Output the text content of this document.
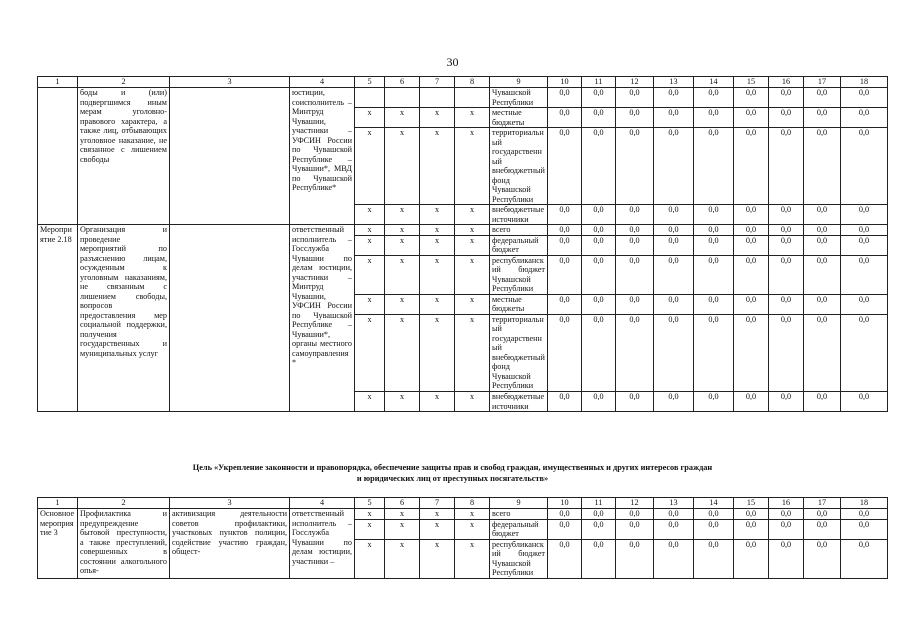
30
1	2	3	4	5	6	7	8	9	10	11	12	13	14	15	16	17	18
	боды и (или) подвергшимся иным мерам уголовно-правового характера, а также лиц, отбывающих уголовное наказание, не связанное с лишением свободы		юстиции, соисполнитель – Минтруд Чувашии, участники – УФСИН России по Чувашской Республике – Чувашии*, МВД по Чувашской Республике*					Чувашской Республики	0,0	0,0	0,0	0,0	0,0	0,0	0,0	0,0	0,0
				x	x	x	x	местные бюджеты	0,0	0,0	0,0	0,0	0,0	0,0	0,0	0,0	0,0
				x	x	x	x	территориальный государственный внебюджетный фонд Чувашской Республики	0,0	0,0	0,0	0,0	0,0	0,0	0,0	0,0	0,0
				x	x	x	x	внебюджетные источники	0,0	0,0	0,0	0,0	0,0	0,0	0,0	0,0	0,0
Мероприятие 2.18	Организация и проведение мероприятий по разъяснению лицам, осужденным к уголовным наказаниям, не связанным с лишением свободы, вопросов предоставления мер социальной поддержки, получения государственных и муниципальных услуг		ответственный исполнитель – Госслужба Чувашии по делам юстиции, участники – Минтруд Чувашии, УФСИН России по Чувашской Республике – Чувашии*, органы местного самоуправления*	x	x	x	x	всего	0,0	0,0	0,0	0,0	0,0	0,0	0,0	0,0	0,0
				x	x	x	x	федеральный бюджет	0,0	0,0	0,0	0,0	0,0	0,0	0,0	0,0	0,0
				x	x	x	x	республиканский бюджет Чувашской Республики	0,0	0,0	0,0	0,0	0,0	0,0	0,0	0,0	0,0
				x	x	x	x	местные бюджеты	0,0	0,0	0,0	0,0	0,0	0,0	0,0	0,0	0,0
				x	x	x	x	территориальный государственный внебюджетный фонд Чувашской Республики	0,0	0,0	0,0	0,0	0,0	0,0	0,0	0,0	0,0
				x	x	x	x	внебюджетные источники	0,0	0,0	0,0	0,0	0,0	0,0	0,0	0,0	0,0
Цель «Укрепление законности и правопорядка, обеспечение защиты прав и свобод граждан, имущественных и других интересов граждан
и юридических лиц от преступных посягательств»
1	2	3	4	5	6	7	8	9	10	11	12	13	14	15	16	17	18
Основное мероприятие 3	Профилактика и предупреждение бытовой преступности, а также преступлений, совершенных в состоянии алкогольного опья-	активизация деятельности советов профилактики, участковых пунктов полиции, содействие участию граждан, общест-	ответственный исполнитель – Госслужба Чувашии по делам юстиции, участники –	x	x	x	x	всего	0,0	0,0	0,0	0,0	0,0	0,0	0,0	0,0	0,0
				x	x	x	x	федеральный бюджет	0,0	0,0	0,0	0,0	0,0	0,0	0,0	0,0	0,0
				x	x	x	x	республиканский бюджет Чувашской Республики	0,0	0,0	0,0	0,0	0,0	0,0	0,0	0,0	0,0
